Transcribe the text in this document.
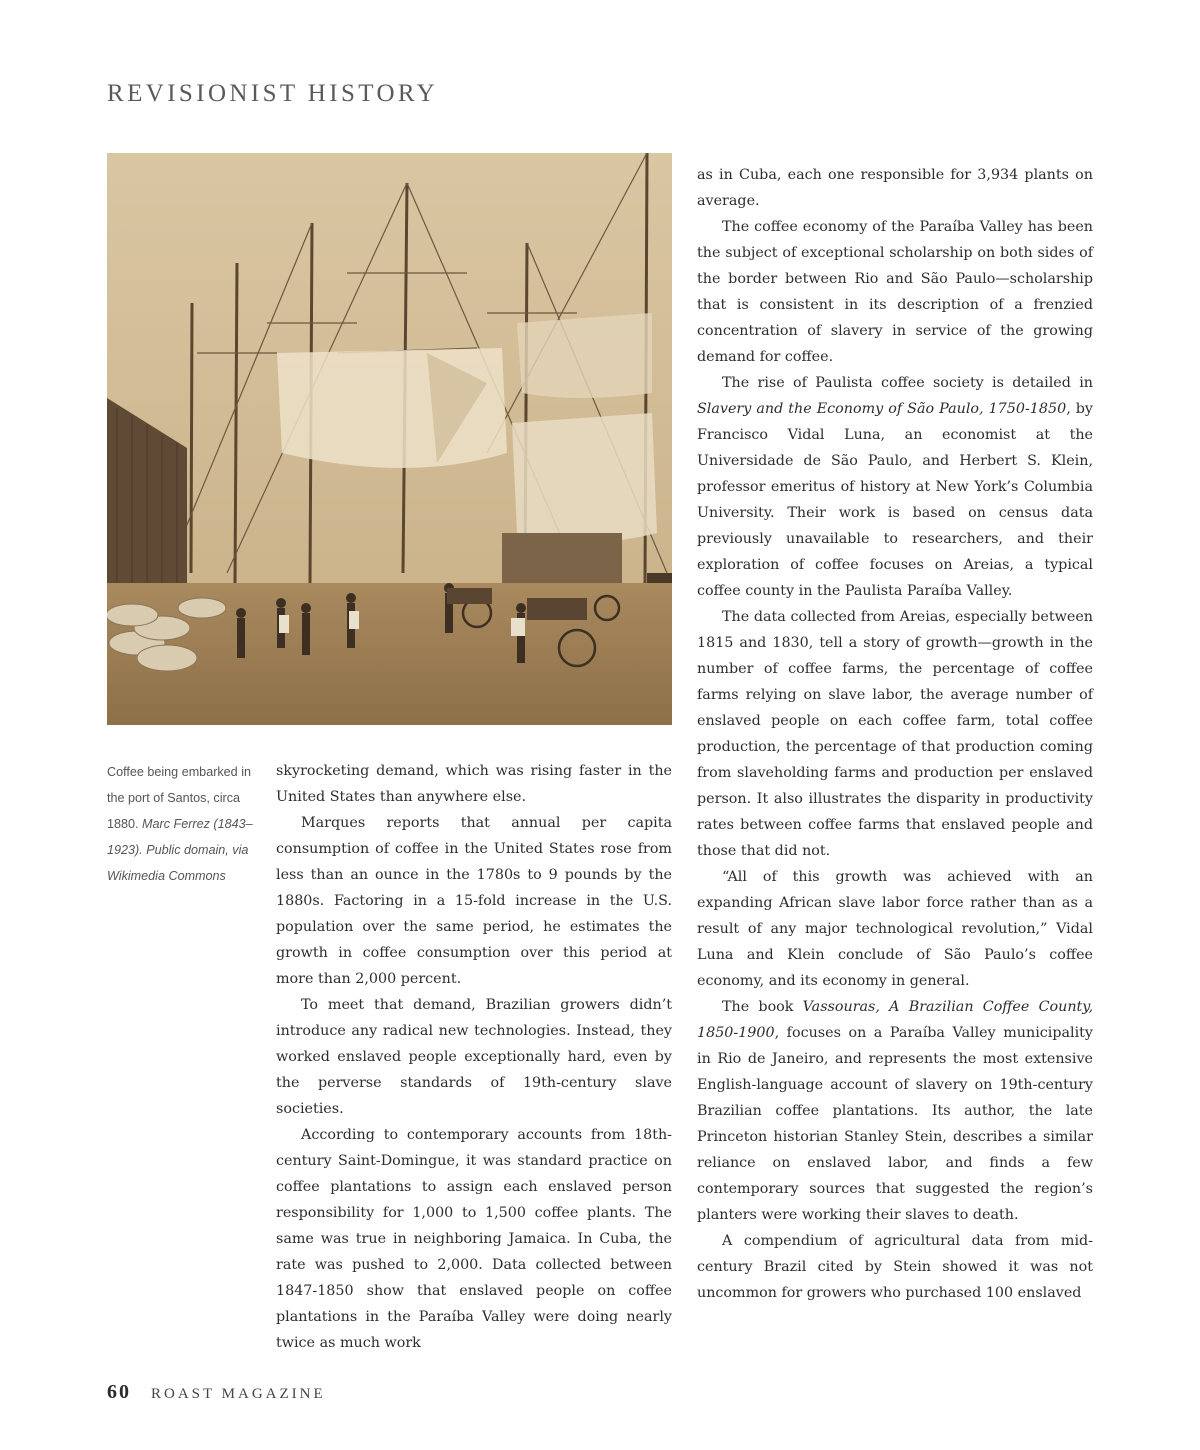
REVISIONIST HISTORY
Coffee being embarked in the port of Santos, circa 1880. Marc Ferrez (1843–1923). Public domain, via Wikimedia Commons

skyrocketing demand, which was rising faster in the United States than anywhere else.

Marques reports that annual per capita consumption of coffee in the United States rose from less than an ounce in the 1780s to 9 pounds by the 1880s. Factoring in a 15-fold increase in the U.S. population over the same period, he estimates the growth in coffee consumption over this period at more than 2,000 percent.

To meet that demand, Brazilian growers didn’t introduce any radical new technologies. Instead, they worked enslaved people exceptionally hard, even by the perverse standards of 19th-century slave societies.

According to contemporary accounts from 18th-century Saint-Domingue, it was standard practice on coffee plantations to assign each enslaved person responsibility for 1,000 to 1,500 coffee plants. The same was true in neighboring Jamaica. In Cuba, the rate was pushed to 2,000. Data collected between 1847-1850 show that enslaved people on coffee plantations in the Paraíba Valley were doing nearly twice as much work

as in Cuba, each one responsible for 3,934 plants on average.

The coffee economy of the Paraíba Valley has been the subject of exceptional scholarship on both sides of the border between Rio and São Paulo—scholarship that is consistent in its description of a frenzied concentration of slavery in service of the growing demand for coffee.

The rise of Paulista coffee society is detailed in Slavery and the Economy of São Paulo, 1750-1850, by Francisco Vidal Luna, an economist at the Universidade de São Paulo, and Herbert S. Klein, professor emeritus of history at New York’s Columbia University. Their work is based on census data previously unavailable to researchers, and their exploration of coffee focuses on Areias, a typical coffee county in the Paulista Paraíba Valley.

The data collected from Areias, especially between 1815 and 1830, tell a story of growth—growth in the number of coffee farms, the percentage of coffee farms relying on slave labor, the average number of enslaved people on each coffee farm, total coffee production, the percentage of that production coming from slaveholding farms and production per enslaved person. It also illustrates the disparity in productivity rates between coffee farms that enslaved people and those that did not.

“All of this growth was achieved with an expanding African slave labor force rather than as a result of any major technological revolution,” Vidal Luna and Klein conclude of São Paulo’s coffee economy, and its economy in general.

The book Vassouras, A Brazilian Coffee County, 1850-1900, focuses on a Paraíba Valley municipality in Rio de Janeiro, and represents the most extensive English-language account of slavery on 19th-century Brazilian coffee plantations. Its author, the late Princeton historian Stanley Stein, describes a similar reliance on enslaved labor, and finds a few contemporary sources that suggested the region’s planters were working their slaves to death.

A compendium of agricultural data from mid-century Brazil cited by Stein showed it was not uncommon for growers who purchased 100 enslaved

60 ROAST MAGAZINE
